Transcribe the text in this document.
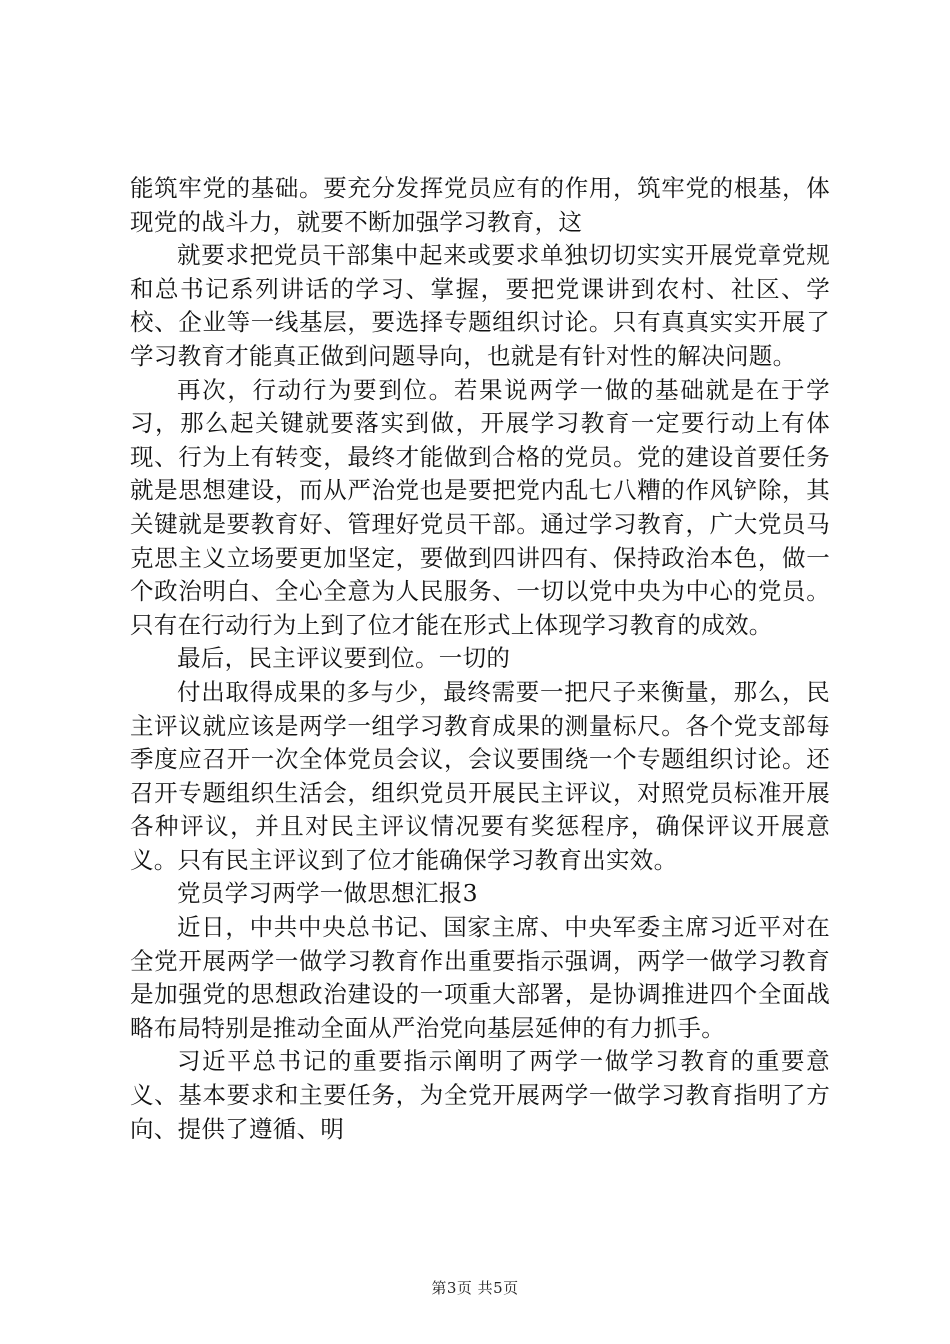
能筑牢党的基础。要充分发挥党员应有的作用，筑牢党的根基，体现党的战斗力，就要不断加强学习教育，这

就要求把党员干部集中起来或要求单独切切实实开展党章党规和总书记系列讲话的学习、掌握，要把党课讲到农村、社区、学校、企业等一线基层，要选择专题组织讨论。只有真真实实开展了学习教育才能真正做到问题导向，也就是有针对性的解决问题。

再次，行动行为要到位。若果说两学一做的基础就是在于学习，那么起关键就要落实到做，开展学习教育一定要行动上有体现、行为上有转变，最终才能做到合格的党员。党的建设首要任务就是思想建设，而从严治党也是要把党内乱七八糟的作风铲除，其关键就是要教育好、管理好党员干部。通过学习教育，广大党员马克思主义立场要更加坚定，要做到四讲四有、保持政治本色，做一个政治明白、全心全意为人民服务、一切以党中央为中心的党员。只有在行动行为上到了位才能在形式上体现学习教育的成效。

最后，民主评议要到位。一切的

付出取得成果的多与少，最终需要一把尺子来衡量，那么，民主评议就应该是两学一组学习教育成果的测量标尺。各个党支部每季度应召开一次全体党员会议，会议要围绕一个专题组织讨论。还召开专题组织生活会，组织党员开展民主评议，对照党员标准开展各种评议，并且对民主评议情况要有奖惩程序，确保评议开展意义。只有民主评议到了位才能确保学习教育出实效。

党员学习两学一做思想汇报3

近日，中共中央总书记、国家主席、中央军委主席习近平对在全党开展两学一做学习教育作出重要指示强调，两学一做学习教育是加强党的思想政治建设的一项重大部署，是协调推进四个全面战略布局特别是推动全面从严治党向基层延伸的有力抓手。

习近平总书记的重要指示阐明了两学一做学习教育的重要意义、基本要求和主要任务，为全党开展两学一做学习教育指明了方向、提供了遵循、明

第3页 共5页
